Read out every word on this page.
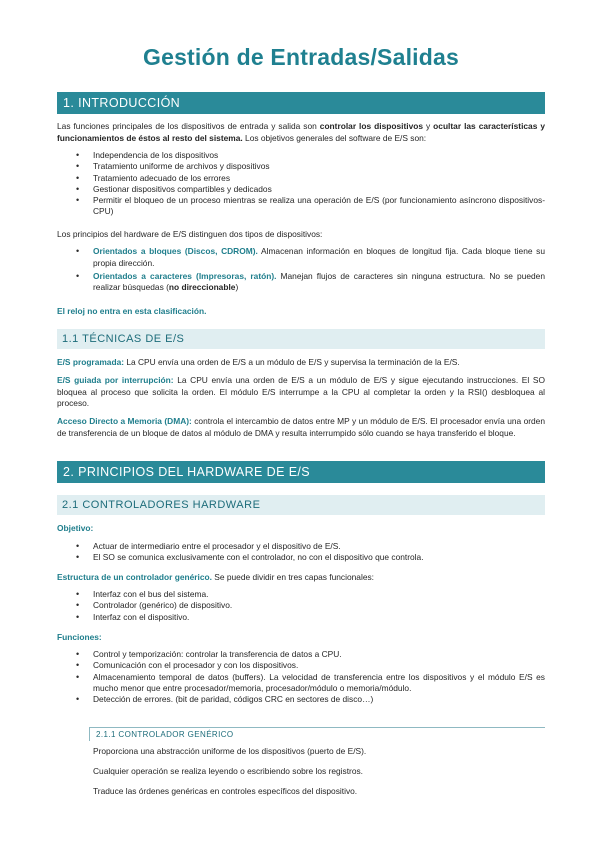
Gestión de Entradas/Salidas
1. INTRODUCCIÓN

Las funciones principales de los dispositivos de entrada y salida son controlar los dispositivos y ocultar las características y funcionamientos de éstos al resto del sistema. Los objetivos generales del software de E/S son:

• Independencia de los dispositivos
• Tratamiento uniforme de archivos y dispositivos
• Tratamiento adecuado de los errores
• Gestionar dispositivos compartibles y dedicados
• Permitir el bloqueo de un proceso mientras se realiza una operación de E/S (por funcionamiento asíncrono dispositivos-CPU)

Los principios del hardware de E/S distinguen dos tipos de dispositivos:

• Orientados a bloques (Discos, CDROM). Almacenan información en bloques de longitud fija. Cada bloque tiene su propia dirección.
• Orientados a caracteres (Impresoras, ratón). Manejan flujos de caracteres sin ninguna estructura. No se pueden realizar búsquedas (no direccionable)

El reloj no entra en esta clasificación.

1.1 TÉCNICAS DE E/S

E/S programada: La CPU envía una orden de E/S a un módulo de E/S y supervisa la terminación de la E/S.

E/S guiada por interrupción: La CPU envía una orden de E/S a un módulo de E/S y sigue ejecutando instrucciones. El SO bloquea al proceso que solicita la orden. El módulo E/S interrumpe a la CPU al completar la orden y la RSI() desbloquea al proceso.

Acceso Directo a Memoria (DMA): controla el intercambio de datos entre MP y un módulo de E/S. El procesador envía una orden de transferencia de un bloque de datos al módulo de DMA y resulta interrumpido sólo cuando se haya transferido el bloque.

2. PRINCIPIOS DEL HARDWARE DE E/S
2.1 CONTROLADORES HARDWARE

Objetivo:

• Actuar de intermediario entre el procesador y el dispositivo de E/S.
• El SO se comunica exclusivamente con el controlador, no con el dispositivo que controla.

Estructura de un controlador genérico. Se puede dividir en tres capas funcionales:

• Interfaz con el bus del sistema.
• Controlador (genérico) de dispositivo.
• Interfaz con el dispositivo.

Funciones:

• Control y temporización: controlar la transferencia de datos a CPU.
• Comunicación con el procesador y con los dispositivos.
• Almacenamiento temporal de datos (buffers). La velocidad de transferencia entre los dispositivos y el módulo E/S es mucho menor que entre procesador/memoria, procesador/módulo o memoria/módulo.
• Detección de errores. (bit de paridad, códigos CRC en sectores de disco…)
2.1.1 CONTROLADOR GENÉRICO

Proporciona una abstracción uniforme de los dispositivos (puerto de E/S).

Cualquier operación se realiza leyendo o escribiendo sobre los registros.

Traduce las órdenes genéricas en controles específicos del dispositivo.
